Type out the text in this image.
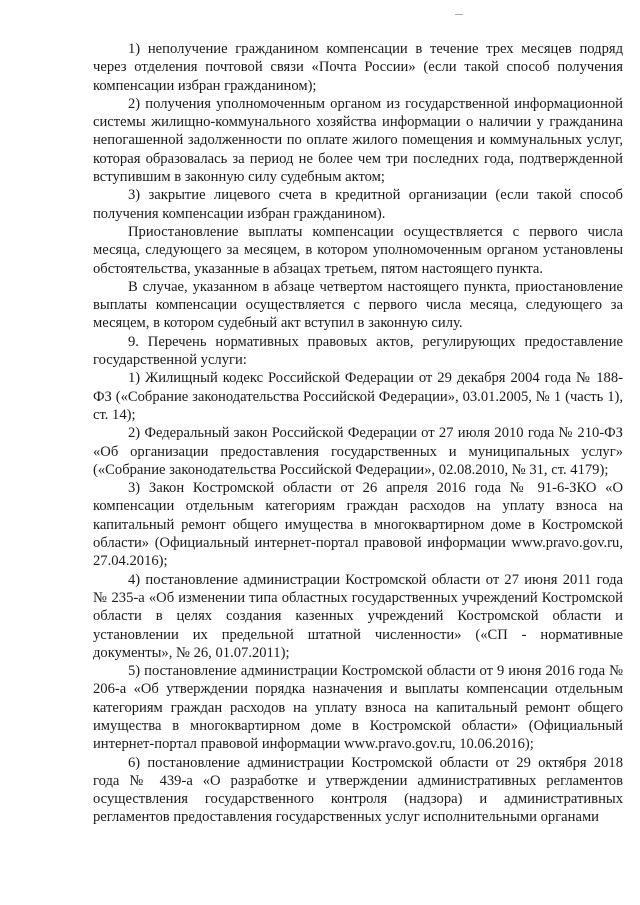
1) неполучение гражданином компенсации в течение трех месяцев подряд через отделения почтовой связи «Почта России» (если такой способ получения компенсации избран гражданином);

2) получения уполномоченным органом из государственной информационной системы жилищно-коммунального хозяйства информации о наличии у гражданина непогашенной задолженности по оплате жилого помещения и коммунальных услуг, которая образовалась за период не более чем три последних года, подтвержденной вступившим в законную силу судебным актом;

3) закрытие лицевого счета в кредитной организации (если такой способ получения компенсации избран гражданином).

Приостановление выплаты компенсации осуществляется с первого числа месяца, следующего за месяцем, в котором уполномоченным органом установлены обстоятельства, указанные в абзацах третьем, пятом настоящего пункта.

В случае, указанном в абзаце четвертом настоящего пункта, приостановление выплаты компенсации осуществляется с первого числа месяца, следующего за месяцем, в котором судебный акт вступил в законную силу.

9. Перечень нормативных правовых актов, регулирующих предоставление государственной услуги:

1) Жилищный кодекс Российской Федерации от 29 декабря 2004 года № 188-ФЗ («Собрание законодательства Российской Федерации», 03.01.2005, № 1 (часть 1), ст. 14);

2) Федеральный закон Российской Федерации от 27 июля 2010 года № 210-ФЗ «Об организации предоставления государственных и муниципальных услуг» («Собрание законодательства Российской Федерации», 02.08.2010, № 31, ст. 4179);

3) Закон Костромской области от 26 апреля 2016 года № 91-6-ЗКО «О компенсации отдельным категориям граждан расходов на уплату взноса на капитальный ремонт общего имущества в многоквартирном доме в Костромской области» (Официальный интернет-портал правовой информации www.pravo.gov.ru, 27.04.2016);

4) постановление администрации Костромской области от 27 июня 2011 года № 235-а «Об изменении типа областных государственных учреждений Костромской области в целях создания казенных учреждений Костромской области и установлении их предельной штатной численности» («СП - нормативные документы», № 26, 01.07.2011);

5) постановление администрации Костромской области от 9 июня 2016 года № 206-а «Об утверждении порядка назначения и выплаты компенсации отдельным категориям граждан расходов на уплату взноса на капитальный ремонт общего имущества в многоквартирном доме в Костромской области» (Официальный интернет-портал правовой информации www.pravo.gov.ru, 10.06.2016);

6) постановление администрации Костромской области от 29 октября 2018 года № 439-а «О разработке и утверждении административных регламентов осуществления государственного контроля (надзора) и административных регламентов предоставления государственных услуг исполнительными органами
